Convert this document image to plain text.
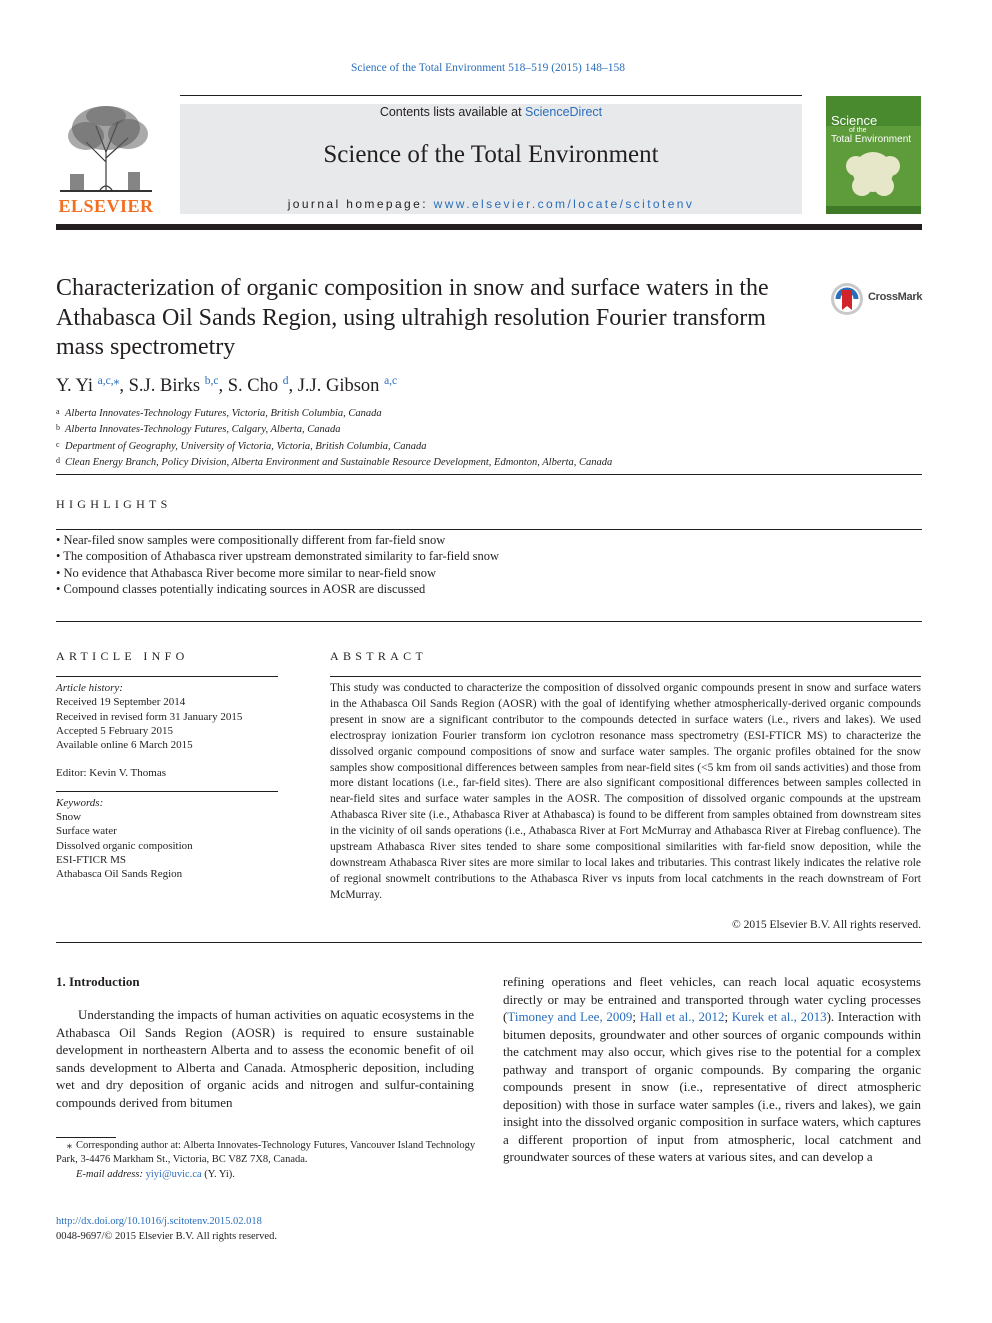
Science of the Total Environment 518–519 (2015) 148–158
ELSEVIER
Contents lists available at ScienceDirect
Science of the Total Environment
journal homepage: www.elsevier.com/locate/scitotenv
Science
of the
Total Environment
Characterization of organic composition in snow and surface waters in the Athabasca Oil Sands Region, using ultrahigh resolution Fourier transform mass spectrometry
CrossMark
Y. Yi $^{a,c,⁎}$, S.J. Birks $^{b,c}$, S. Cho $^d$, J.J. Gibson $^{a,c}$
a Alberta Innovates-Technology Futures, Victoria, British Columbia, Canada
b Alberta Innovates-Technology Futures, Calgary, Alberta, Canada
c Department of Geography, University of Victoria, Victoria, British Columbia, Canada
d Clean Energy Branch, Policy Division, Alberta Environment and Sustainable Resource Development, Edmonton, Alberta, Canada
HIGHLIGHTS
• Near-filed snow samples were compositionally different from far-field snow
• The composition of Athabasca river upstream demonstrated similarity to far-field snow
• No evidence that Athabasca River become more similar to near-field snow
• Compound classes potentially indicating sources in AOSR are discussed
ARTICLE INFO
Article history:
Received 19 September 2014
Received in revised form 31 January 2015
Accepted 5 February 2015
Available online 6 March 2015
Editor: Kevin V. Thomas
Keywords:
Snow
Surface water
Dissolved organic composition
ESI-FTICR MS
Athabasca Oil Sands Region
ABSTRACT
This study was conducted to characterize the composition of dissolved organic compounds present in snow and surface waters in the Athabasca Oil Sands Region (AOSR) with the goal of identifying whether atmospherically-derived organic compounds present in snow are a significant contributor to the compounds detected in surface waters (i.e., rivers and lakes). We used electrospray ionization Fourier transform ion cyclotron resonance mass spectrometry (ESI-FTICR MS) to characterize the dissolved organic compound compositions of snow and surface water samples. The organic profiles obtained for the snow samples show compositional differences between samples from near-field sites (<5 km from oil sands activities) and those from more distant locations (i.e., far-field sites). There are also significant compositional differences between samples collected in near-field sites and surface water samples in the AOSR. The composition of dissolved organic compounds at the upstream Athabasca River site (i.e., Athabasca River at Athabasca) is found to be different from samples obtained from downstream sites in the vicinity of oil sands operations (i.e., Athabasca River at Fort McMurray and Athabasca River at Firebag confluence). The upstream Athabasca River sites tended to share some compositional similarities with far-field snow deposition, while the downstream Athabasca River sites are more similar to local lakes and tributaries. This contrast likely indicates the relative role of regional snowmelt contributions to the Athabasca River vs inputs from local catchments in the reach downstream of Fort McMurray.
© 2015 Elsevier B.V. All rights reserved.
1. Introduction
Understanding the impacts of human activities on aquatic ecosystems in the Athabasca Oil Sands Region (AOSR) is required to ensure sustainable development in northeastern Alberta and to assess the economic benefit of oil sands development to Alberta and Canada. Atmospheric deposition, including wet and dry deposition of organic acids and nitrogen and sulfur-containing compounds derived from bitumen
refining operations and fleet vehicles, can reach local aquatic ecosystems directly or may be entrained and transported through water cycling processes (Timoney and Lee, 2009; Hall et al., 2012; Kurek et al., 2013). Interaction with bitumen deposits, groundwater and other sources of organic compounds within the catchment may also occur, which gives rise to the potential for a complex pathway and transport of organic compounds. By comparing the organic compounds present in snow (i.e., representative of direct atmospheric deposition) with those in surface water samples (i.e., rivers and lakes), we gain insight into the dissolved organic composition in surface waters, which captures a different proportion of input from atmospheric, local catchment and groundwater sources of these waters at various sites, and can develop a
⁎ Corresponding author at: Alberta Innovates-Technology Futures, Vancouver Island Technology Park, 3-4476 Markham St., Victoria, BC V8Z 7X8, Canada.
E-mail address: yiyi@uvic.ca (Y. Yi).
http://dx.doi.org/10.1016/j.scitotenv.2015.02.018
0048-9697/© 2015 Elsevier B.V. All rights reserved.
